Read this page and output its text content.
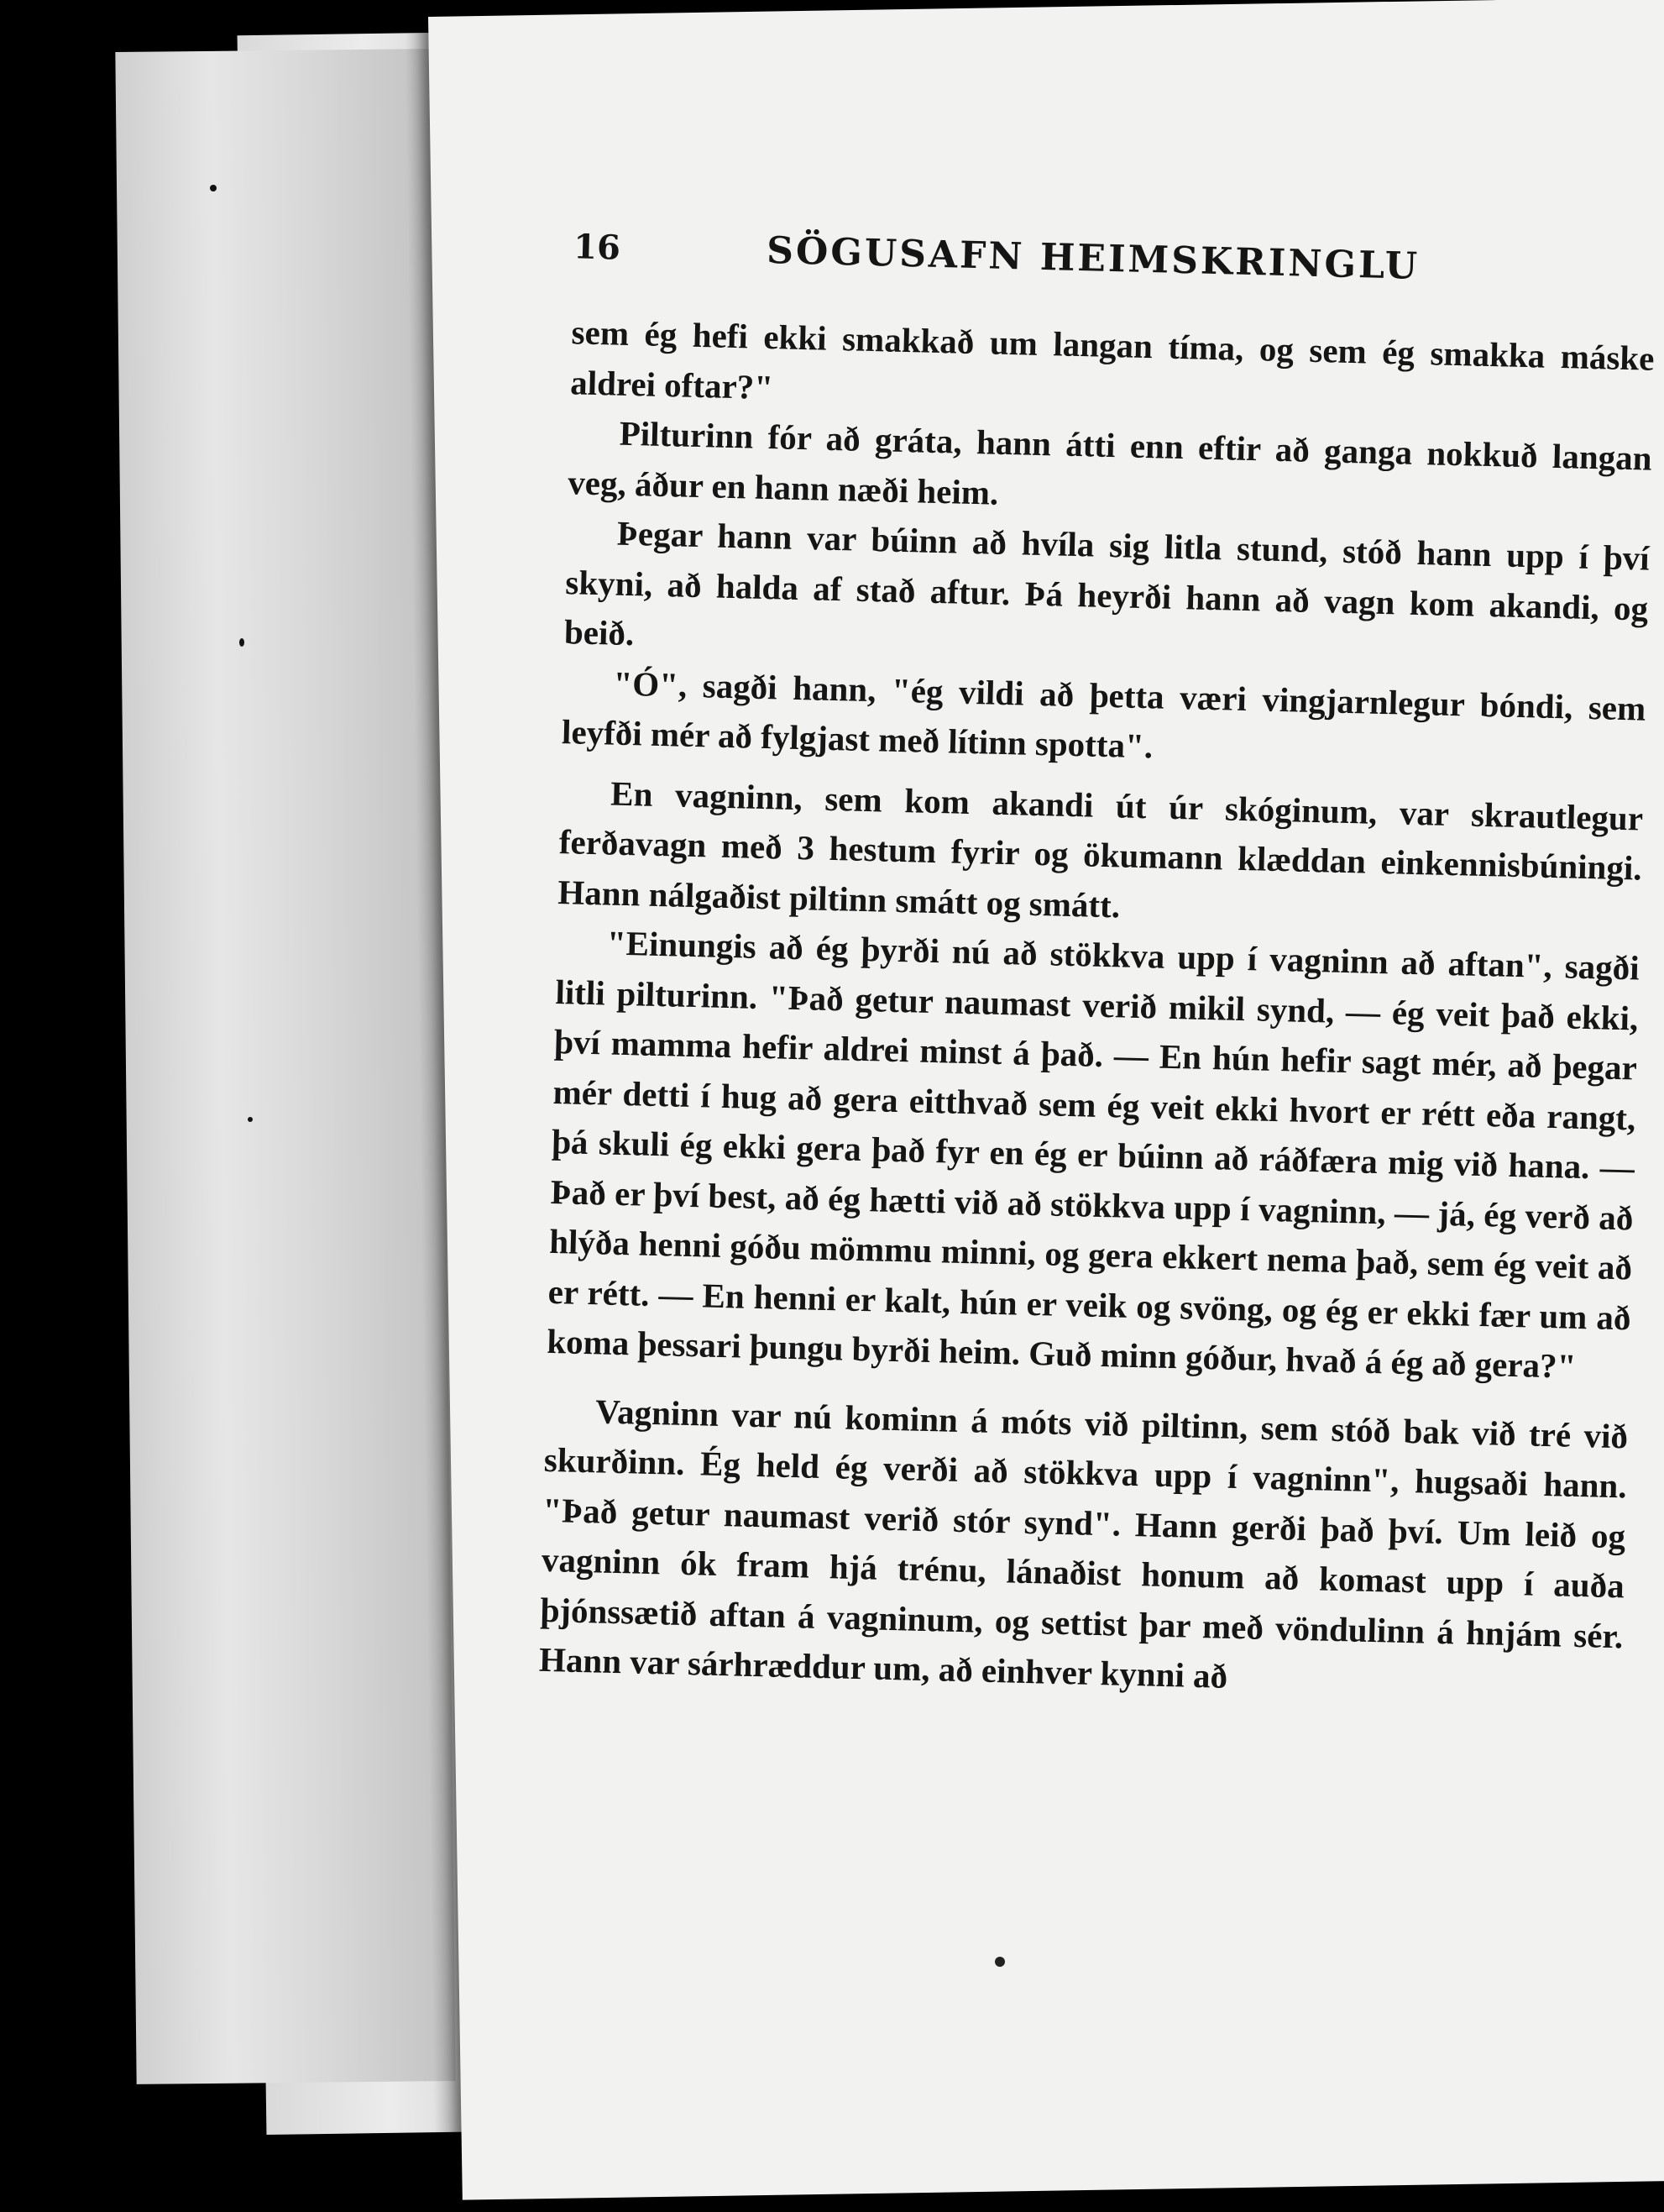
16	SÖGUSAFN HEIMSKRINGLU

sem ég hefi ekki smakkað um langan tíma, og sem ég smakka máske aldrei oftar?"

Pilturinn fór að gráta, hann átti enn eftir að ganga nokkuð langan veg, áður en hann næði heim.

Þegar hann var búinn að hvíla sig litla stund, stóð hann upp í því skyni, að halda af stað aftur. Þá heyrði hann að vagn kom akandi, og beið.

"Ó", sagði hann, "ég vildi að þetta væri vingjarnlegur bóndi, sem leyfði mér að fylgjast með lítinn spotta".

En vagninn, sem kom akandi út úr skóginum, var skrautlegur ferðavagn með 3 hestum fyrir og ökumann klæddan einkennisbúningi. Hann nálgaðist piltinn smátt og smátt.

"Einungis að ég þyrði nú að stökkva upp í vagninn að aftan", sagði litli pilturinn. "Það getur naumast verið mikil synd, — ég veit það ekki, því mamma hefir aldrei minst á það. — En hún hefir sagt mér, að þegar mér detti í hug að gera eitthvað sem ég veit ekki hvort er rétt eða rangt, þá skuli ég ekki gera það fyr en ég er búinn að ráðfæra mig við hana. — Það er því best, að ég hætti við að stökkva upp í vagninn, — já, ég verð að hlýða henni góðu mömmu minni, og gera ekkert nema það, sem ég veit að er rétt. — En henni er kalt, hún er veik og svöng, og ég er ekki fær um að koma þessari þungu byrði heim. Guð minn góður, hvað á ég að gera?"

Vagninn var nú kominn á móts við piltinn, sem stóð bak við tré við skurðinn. Ég held ég verði að stökkva upp í vagninn", hugsaði hann. "Það getur naumast verið stór synd". Hann gerði það því. Um leið og vagninn ók fram hjá trénu, lánaðist honum að komast upp í auða þjónssætið aftan á vagninum, og settist þar með vöndulinn á hnjám sér. Hann var sárhræddur um, að einhver kynni að
